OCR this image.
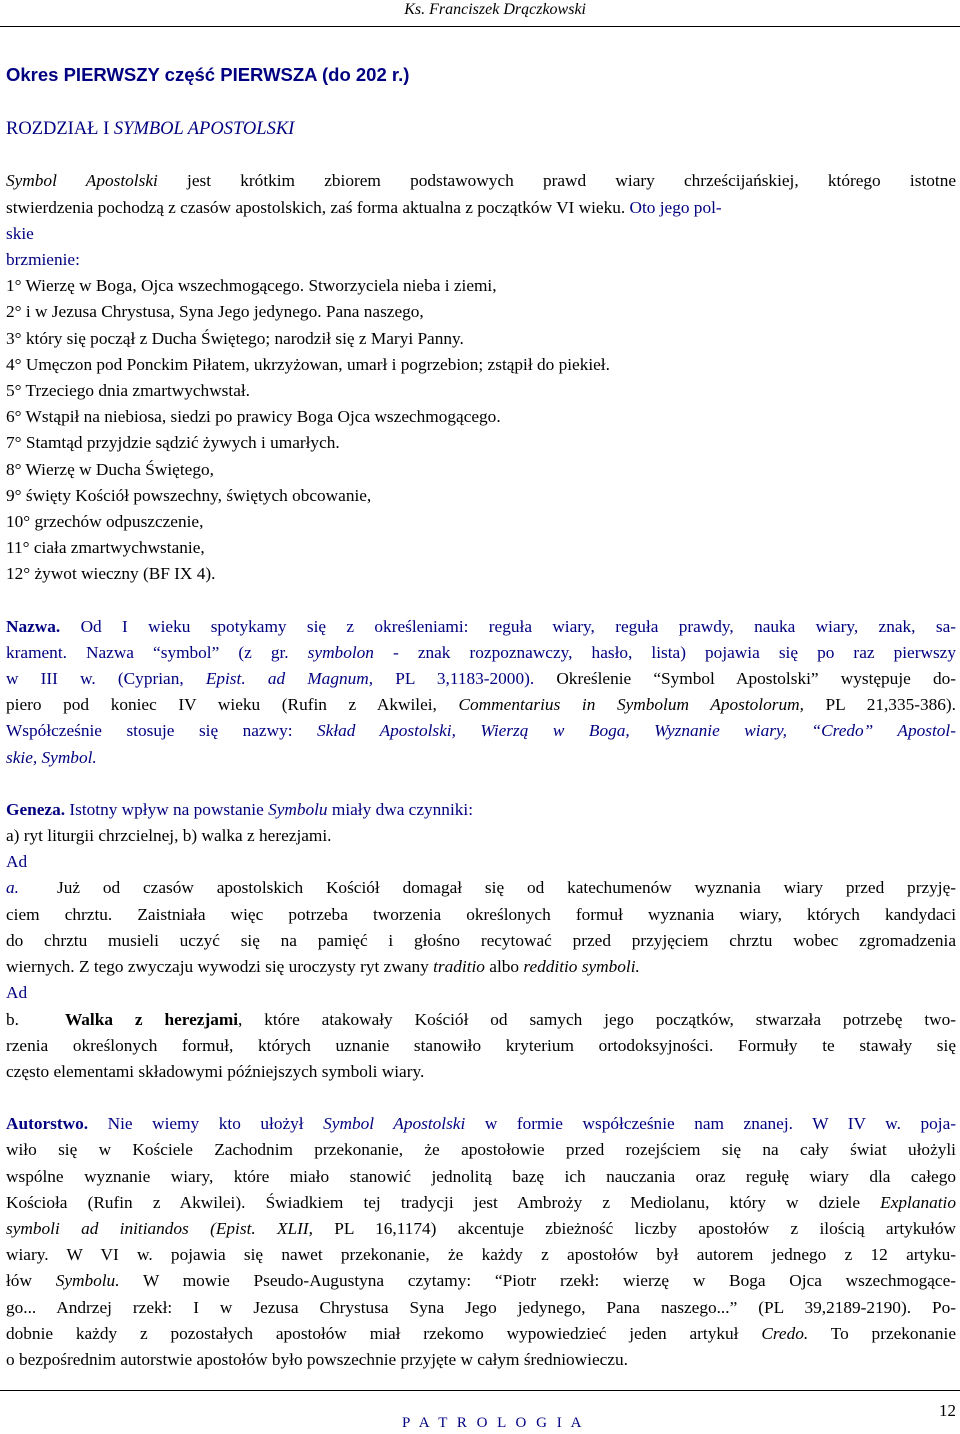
Ks. Franciszek Drączkowski

Okres PIERWSZY część PIERWSZA (do 202 r.)

ROZDZIAŁ I SYMBOL APOSTOLSKI

Symbol Apostolski jest krótkim zbiorem podstawowych prawd wiary chrześcijańskiej, którego istotne

stwierdzenia pochodzą z czasów apostolskich, zaś forma aktualna z początków VI wieku. Oto jego pol-

skie

brzmienie:

1° Wierzę w Boga, Ojca wszechmogącego. Stworzyciela nieba i ziemi,

2° i w Jezusa Chrystusa, Syna Jego jedynego. Pana naszego,

3° który się począł z Ducha Świętego; narodził się z Maryi Panny.

4° Umęczon pod Ponckim Piłatem, ukrzyżowan, umarł i pogrzebion; zstąpił do piekieł.

5° Trzeciego dnia zmartwychwstał.

6° Wstąpił na niebiosa, siedzi po prawicy Boga Ojca wszechmogącego.

7° Stamtąd przyjdzie sądzić żywych i umarłych.

8° Wierzę w Ducha Świętego,

9° święty Kościół powszechny, świętych obcowanie,

10° grzechów odpuszczenie,

11° ciała zmartwychwstanie,

12° żywot wieczny (BF IX 4).

Nazwa. Od I wieku spotykamy się z określeniami: reguła wiary, reguła prawdy, nauka wiary, znak, sa-

krament. Nazwa “symbol” (z gr. symbolon - znak rozpoznawczy, hasło, lista) pojawia się po raz pierwszy

w III w. (Cyprian, Epist. ad Magnum, PL 3,1183-2000). Określenie “Symbol Apostolski” występuje do-

piero pod koniec IV wieku (Rufin z Akwilei, Commentarius in Symbolum Apostolorum, PL 21,335-386).

Współcześnie stosuje się nazwy: Skład Apostolski, Wierzą w Boga, Wyznanie wiary, “Credo” Apostol-

skie, Symbol.

Geneza. Istotny wpływ na powstanie Symbolu miały dwa czynniki:

a) ryt liturgii chrzcielnej, b) walka z herezjami.

Ad

a. Już od czasów apostolskich Kościół domagał się od katechumenów wyznania wiary przed przyję-

ciem chrztu. Zaistniała więc potrzeba tworzenia określonych formuł wyznania wiary, których kandydaci

do chrztu musieli uczyć się na pamięć i głośno recytować przed przyjęciem chrztu wobec zgromadzenia

wiernych. Z tego zwyczaju wywodzi się uroczysty ryt zwany traditio albo redditio symboli.

Ad

b.	Walka z herezjami, które atakowały Kościół od samych jego początków, stwarzała potrzebę two-

rzenia określonych formuł, których uznanie stanowiło kryterium ortodoksyjności. Formuły te stawały się

często elementami składowymi późniejszych symboli wiary.

Autorstwo. Nie wiemy kto ułożył Symbol Apostolski w formie współcześnie nam znanej. W IV w. poja-

wiło się w Kościele Zachodnim przekonanie, że apostołowie przed rozejściem się na cały świat ułożyli

wspólne wyznanie wiary, które miało stanowić jednolitą bazę ich nauczania oraz regułę wiary dla całego

Kościoła (Rufin z Akwilei). Świadkiem tej tradycji jest Ambroży z Mediolanu, który w dziele Explanatio

symboli ad initiandos (Epist. XLII, PL 16,1174) akcentuje zbieżność liczby apostołów z ilością artykułów

wiary. W VI w. pojawia się nawet przekonanie, że każdy z apostołów był autorem jednego z 12 artyku-

łów Symbolu. W mowie Pseudo-Augustyna czytamy: “Piotr rzekł: wierzę w Boga Ojca wszechmogące-

go... Andrzej rzekł: I w Jezusa Chrystusa Syna Jego jedynego, Pana naszego...” (PL 39,2189-2190). Po-

dobnie każdy z pozostałych apostołów miał rzekomo wypowiedzieć jeden artykuł Credo. To przekonanie

o bezpośrednim autorstwie apostołów było powszechnie przyjęte w całym średniowieczu.

P A T R O L O G I A
12
